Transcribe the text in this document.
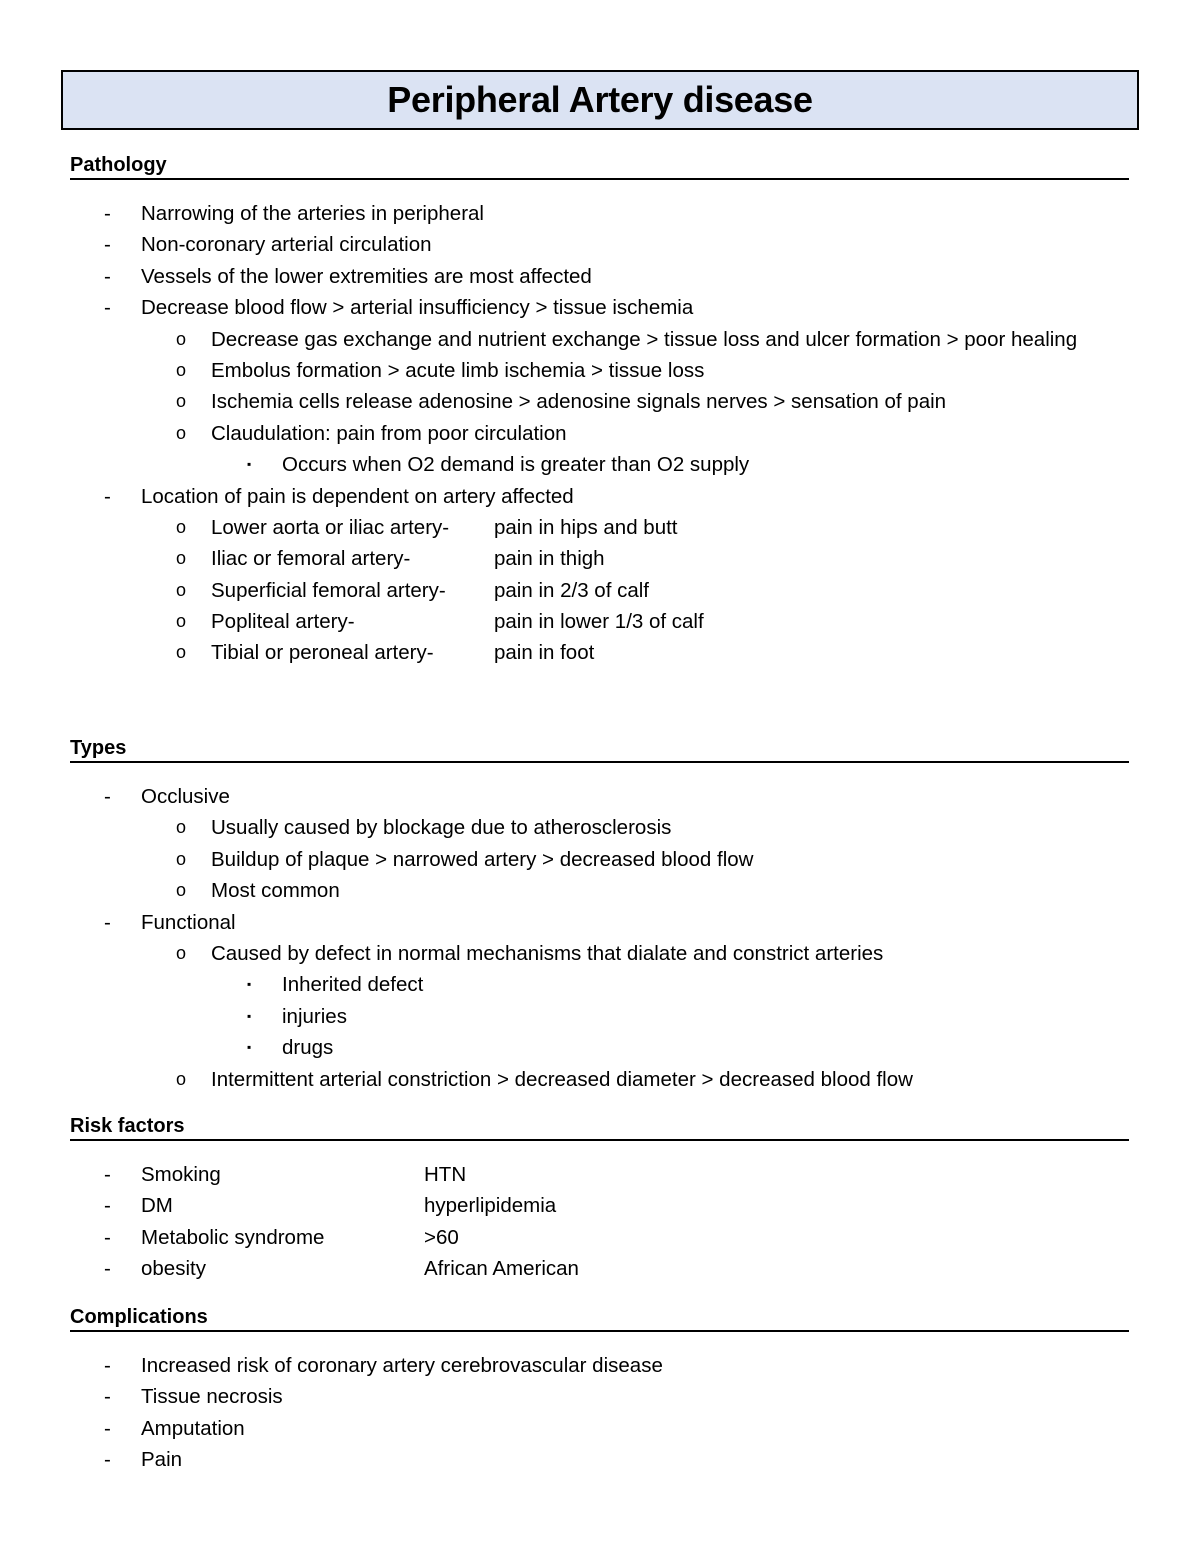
Peripheral Artery disease
Pathology
- Narrowing of the arteries in peripheral
- Non-coronary arterial circulation
- Vessels of the lower extremities are most affected
- Decrease blood flow > arterial insufficiency > tissue ischemia
o Decrease gas exchange and nutrient exchange > tissue loss and ulcer formation > poor healing
o Embolus formation > acute limb ischemia > tissue loss
o Ischemia cells release adenosine > adenosine signals nerves > sensation of pain
o Claudulation: pain from poor circulation
▪ Occurs when O2 demand is greater than O2 supply
- Location of pain is dependent on artery affected
o Lower aorta or iliac artery- pain in hips and butt
o Iliac or femoral artery-	pain in thigh
o Superficial femoral artery- pain in 2/3 of calf
o Popliteal artery-	pain in lower 1/3 of calf
o Tibial or peroneal artery-	pain in foot
Types
- Occlusive
o Usually caused by blockage due to atherosclerosis
o Buildup of plaque > narrowed artery > decreased blood flow
o Most common
- Functional
o Caused by defect in normal mechanisms that dialate and constrict arteries
▪ Inherited defect
▪ injuries
▪ drugs
o Intermittent arterial constriction > decreased diameter > decreased blood flow
Risk factors
- Smoking	HTN
- DM	hyperlipidemia
- Metabolic syndrome	>60
- obesity	African American
Complications
- Increased risk of coronary artery cerebrovascular disease
- Tissue necrosis
- Amputation
- Pain
